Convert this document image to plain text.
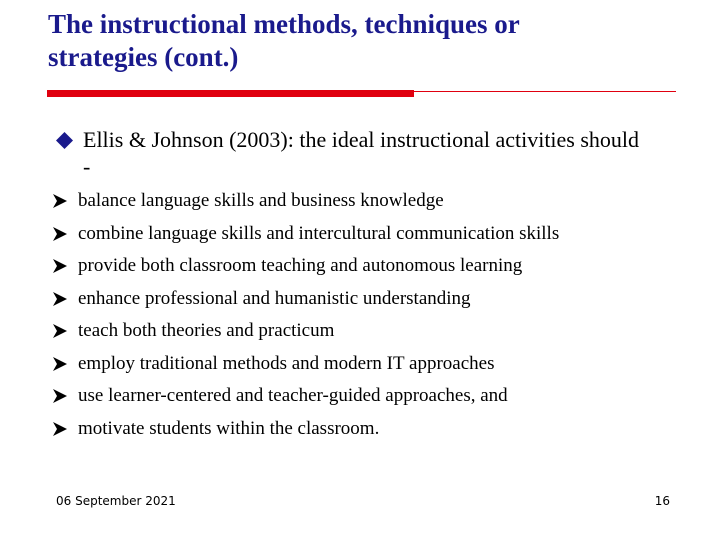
The instructional methods, techniques or
strategies (cont.)
Ellis & Johnson (2003): the ideal instructional activities should
-
balance language skills and business knowledge
combine language skills and intercultural communication skills
provide both classroom teaching and autonomous learning
enhance professional and humanistic understanding
teach both theories and practicum
employ traditional methods and modern IT approaches
use learner-centered and teacher-guided approaches, and
motivate students within the classroom.
06 September 2021	16
